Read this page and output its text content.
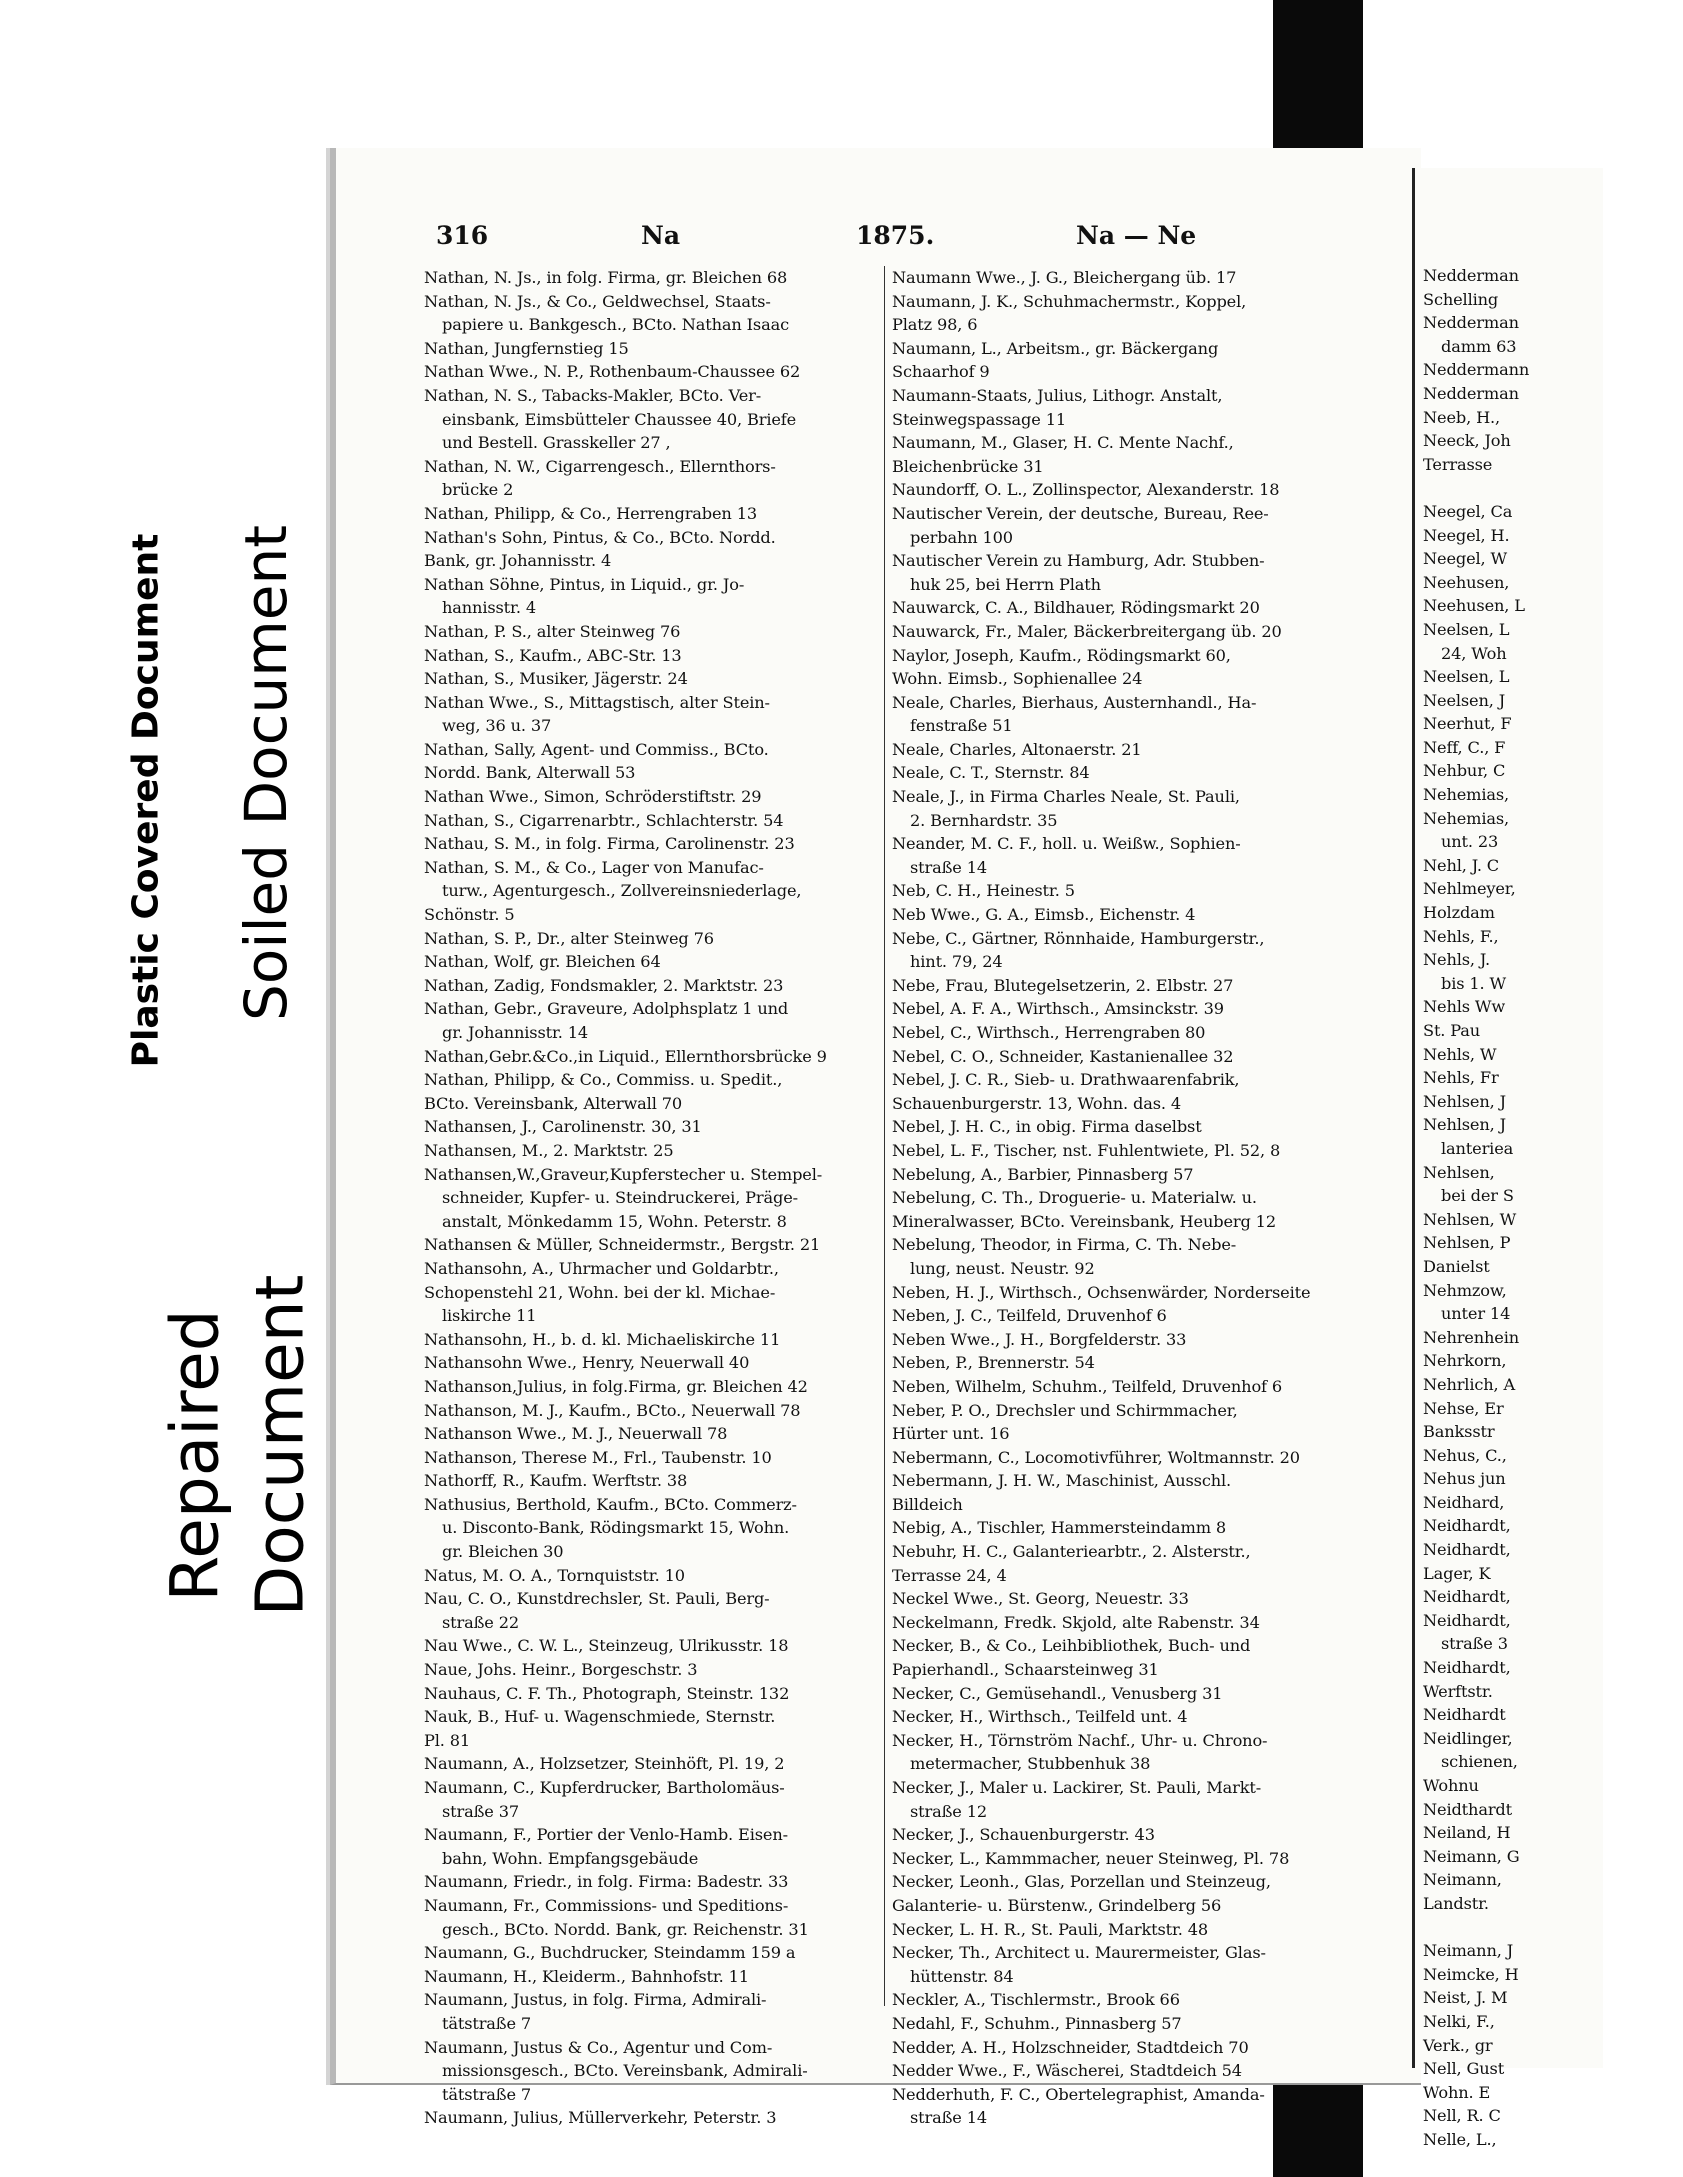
Plastic Covered Document Soiled Document
Repaired Document
316	Na	1875.	Na — Ne
Nathan, N. Js., in folg. Firma, gr. Bleichen 68
Nathan, N. Js., & Co., Geldwechsel, Staats-
papiere u. Bankgesch., BCto. Nathan Isaac
Nathan, Jungfernstieg 15
Nathan Wwe., N. P., Rothenbaum-Chaussee 62
Nathan, N. S., Tabacks-Makler, BCto. Ver-
einsbank, Eimsbütteler Chaussee 40, Briefe
und Bestell. Grasskeller 27 ,
Nathan, N. W., Cigarrengesch., Ellernthors-
brücke 2
Nathan, Philipp, & Co., Herrengraben 13
Nathan's Sohn, Pintus, & Co., BCto. Nordd.
Bank, gr. Johannisstr. 4
Nathan Söhne, Pintus, in Liquid., gr. Jo-
hannisstr. 4
Nathan, P. S., alter Steinweg 76
Nathan, S., Kaufm., ABC-Str. 13
Nathan, S., Musiker, Jägerstr. 24
Nathan Wwe., S., Mittagstisch, alter Stein-
weg, 36 u. 37
Nathan, Sally, Agent- und Commiss., BCto.
Nordd. Bank, Alterwall 53
Nathan Wwe., Simon, Schröderstiftstr. 29
Nathan, S., Cigarrenarbtr., Schlachterstr. 54
Nathau, S. M., in folg. Firma, Carolinenstr. 23
Nathan, S. M., & Co., Lager von Manufac-
turw., Agenturgesch., Zollvereinsniederlage,
Schönstr. 5
Nathan, S. P., Dr., alter Steinweg 76
Nathan, Wolf, gr. Bleichen 64
Nathan, Zadig, Fondsmakler, 2. Marktstr. 23
Nathan, Gebr., Graveure, Adolphsplatz 1 und
gr. Johannisstr. 14
Nathan,Gebr.&Co.,in Liquid., Ellernthorsbrücke 9
Nathan, Philipp, & Co., Commiss. u. Spedit.,
BCto. Vereinsbank, Alterwall 70
Nathansen, J., Carolinenstr. 30, 31
Nathansen, M., 2. Marktstr. 25
Nathansen,W.,Graveur,Kupferstecher u. Stempel-
schneider, Kupfer- u. Steindruckerei, Präge-
anstalt, Mönkedamm 15, Wohn. Peterstr. 8
Nathansen & Müller, Schneidermstr., Bergstr. 21
Nathansohn, A., Uhrmacher und Goldarbtr.,
Schopenstehl 21, Wohn. bei der kl. Michae-
liskirche 11
Nathansohn, H., b. d. kl. Michaeliskirche 11
Nathansohn Wwe., Henry, Neuerwall 40
Nathanson,Julius, in folg.Firma, gr. Bleichen 42
Nathanson, M. J., Kaufm., BCto., Neuerwall 78
Nathanson Wwe., M. J., Neuerwall 78
Nathanson, Therese M., Frl., Taubenstr. 10
Nathorff, R., Kaufm. Werftstr. 38
Nathusius, Berthold, Kaufm., BCto. Commerz-
u. Disconto-Bank, Rödingsmarkt 15, Wohn.
gr. Bleichen 30
Natus, M. O. A., Tornquiststr. 10
Nau, C. O., Kunstdrechsler, St. Pauli, Berg-
straße 22
Nau Wwe., C. W. L., Steinzeug, Ulrikusstr. 18
Naue, Johs. Heinr., Borgeschstr. 3
Nauhaus, C. F. Th., Photograph, Steinstr. 132
Nauk, B., Huf- u. Wagenschmiede, Sternstr.
Pl. 81
Naumann, A., Holzsetzer, Steinhöft, Pl. 19, 2
Naumann, C., Kupferdrucker, Bartholomäus-
straße 37
Naumann, F., Portier der Venlo-Hamb. Eisen-
bahn, Wohn. Empfangsgebäude
Naumann, Friedr., in folg. Firma: Badestr. 33
Naumann, Fr., Commissions- und Speditions-
gesch., BCto. Nordd. Bank, gr. Reichenstr. 31
Naumann, G., Buchdrucker, Steindamm 159 a
Naumann, H., Kleiderm., Bahnhofstr. 11
Naumann, Justus, in folg. Firma, Admirali-
tätstraße 7
Naumann, Justus & Co., Agentur und Com-
missionsgesch., BCto. Vereinsbank, Admirali-
tätstraße 7
Naumann, Julius, Müllerverkehr, Peterstr. 3
Naumann Wwe., J. G., Bleichergang üb. 17
Naumann, J. K., Schuhmachermstr., Koppel,
Platz 98, 6
Naumann, L., Arbeitsm., gr. Bäckergang
Schaarhof 9
Naumann-Staats, Julius, Lithogr. Anstalt,
Steinwegspassage 11
Naumann, M., Glaser, H. C. Mente Nachf.,
Bleichenbrücke 31
Naundorff, O. L., Zollinspector, Alexanderstr. 18
Nautischer Verein, der deutsche, Bureau, Ree-
perbahn 100
Nautischer Verein zu Hamburg, Adr. Stubben-
huk 25, bei Herrn Plath
Nauwarck, C. A., Bildhauer, Rödingsmarkt 20
Nauwarck, Fr., Maler, Bäckerbreitergang üb. 20
Naylor, Joseph, Kaufm., Rödingsmarkt 60,
Wohn. Eimsb., Sophienallee 24
Neale, Charles, Bierhaus, Austernhandl., Ha-
fenstraße 51
Neale, Charles, Altonaerstr. 21
Neale, C. T., Sternstr. 84
Neale, J., in Firma Charles Neale, St. Pauli,
2. Bernhardstr. 35
Neander, M. C. F., holl. u. Weißw., Sophien-
straße 14
Neb, C. H., Heinestr. 5
Neb Wwe., G. A., Eimsb., Eichenstr. 4
Nebe, C., Gärtner, Rönnhaide, Hamburgerstr.,
hint. 79, 24
Nebe, Frau, Blutegelsetzerin, 2. Elbstr. 27
Nebel, A. F. A., Wirthsch., Amsinckstr. 39
Nebel, C., Wirthsch., Herrengraben 80
Nebel, C. O., Schneider, Kastanienallee 32
Nebel, J. C. R., Sieb- u. Drathwaarenfabrik,
Schauenburgerstr. 13, Wohn. das. 4
Nebel, J. H. C., in obig. Firma daselbst
Nebel, L. F., Tischer, nst. Fuhlentwiete, Pl. 52, 8
Nebelung, A., Barbier, Pinnasberg 57
Nebelung, C. Th., Droguerie- u. Materialw. u.
Mineralwasser, BCto. Vereinsbank, Heuberg 12
Nebelung, Theodor, in Firma, C. Th. Nebe-
lung, neust. Neustr. 92
Neben, H. J., Wirthsch., Ochsenwärder, Norderseite
Neben, J. C., Teilfeld, Druvenhof 6
Neben Wwe., J. H., Borgfelderstr. 33
Neben, P., Brennerstr. 54
Neben, Wilhelm, Schuhm., Teilfeld, Druvenhof 6
Neber, P. O., Drechsler und Schirmmacher,
Hürter unt. 16
Nebermann, C., Locomotivführer, Woltmannstr. 20
Nebermann, J. H. W., Maschinist, Ausschl.
Billdeich
Nebig, A., Tischler, Hammersteindamm 8
Nebuhr, H. C., Galanteriearbtr., 2. Alsterstr.,
Terrasse 24, 4
Neckel Wwe., St. Georg, Neuestr. 33
Neckelmann, Fredk. Skjold, alte Rabenstr. 34
Necker, B., & Co., Leihbibliothek, Buch- und
Papierhandl., Schaarsteinweg 31
Necker, C., Gemüsehandl., Venusberg 31
Necker, H., Wirthsch., Teilfeld unt. 4
Necker, H., Törnström Nachf., Uhr- u. Chrono-
metermacher, Stubbenhuk 38
Necker, J., Maler u. Lackirer, St. Pauli, Markt-
straße 12
Necker, J., Schauenburgerstr. 43
Necker, L., Kammmacher, neuer Steinweg, Pl. 78
Necker, Leonh., Glas, Porzellan und Steinzeug,
Galanterie- u. Bürstenw., Grindelberg 56
Necker, L. H. R., St. Pauli, Marktstr. 48
Necker, Th., Architect u. Maurermeister, Glas-
hüttenstr. 84
Neckler, A., Tischlermstr., Brook 66
Nedahl, F., Schuhm., Pinnasberg 57
Nedder, A. H., Holzschneider, Stadtdeich 70
Nedder Wwe., F., Wäscherei, Stadtdeich 54
Nedderhuth, F. C., Obertelegraphist, Amanda-
straße 14
Nedderman
Schelling
Nedderman
damm 63
Neddermann
Nedderman
Neeb, H.,
Neeck, Joh
Terrasse
Neegel, Ca
Neegel, H.
Neegel, W
Neehusen,
Neehusen, L
Neelsen, L
24, Woh
Neelsen, L
Neelsen, J
Neerhut, F
Neff, C., F
Nehbur, C
Nehemias,
Nehemias,
unt. 23
Nehl, J. C
Nehlmeyer,
Holzdam
Nehls, F.,
Nehls, J.
bis 1. W
Nehls Ww
St. Pau
Nehls, W
Nehls, Fr
Nehlsen, J
Nehlsen, J
lanteriea
Nehlsen,
bei der S
Nehlsen, W
Nehlsen, P
Danielst
Nehmzow,
unter 14
Nehrenhein
Nehrkorn,
Nehrlich, A
Nehse, Er
Banksstr
Nehus, C.,
Nehus jun
Neidhard,
Neidhardt,
Neidhardt,
Lager, K
Neidhardt,
Neidhardt,
straße 3
Neidhardt,
Werftstr.
Neidhardt
Neidlinger,
schienen,
Wohnu
Neidthardt
Neiland, H
Neimann, G
Neimann,
Landstr.
Neimann, J
Neimcke, H
Neist, J. M
Nelki, F.,
Verk., gr
Nell, Gust
Wohn. E
Nell, R. C
Nelle, L.,
